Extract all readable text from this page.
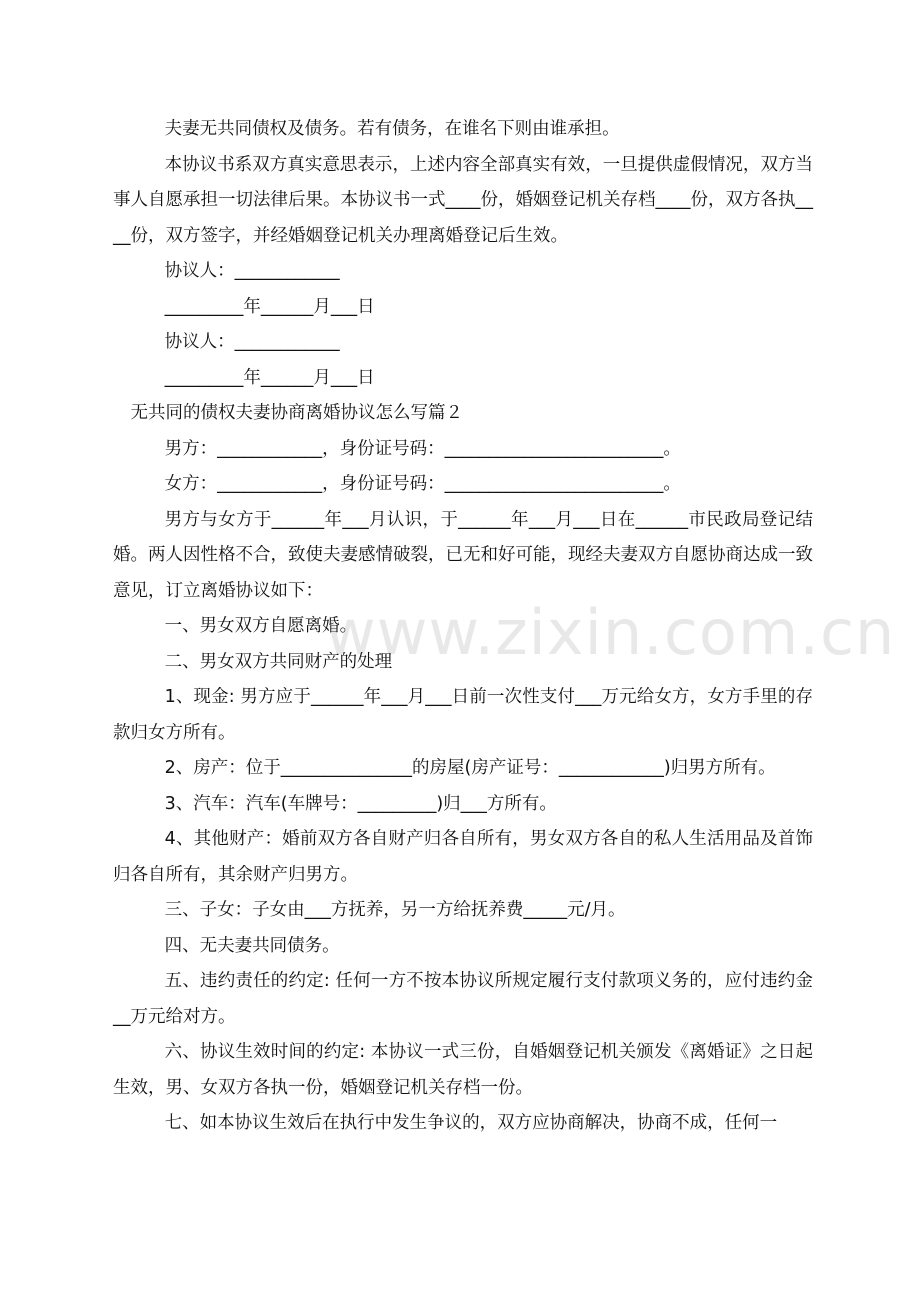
夫妻无共同债权及债务。若有债务，在谁名下则由谁承担。

本协议书系双方真实意思表示，上述内容全部真实有效，一旦提供虚假情况，双方当事人自愿承担一切法律后果。本协议书一式____份，婚姻登记机关存档____份，双方各执____份，双方签字，并经婚姻登记机关办理离婚登记后生效。

协议人：____________

_________年______月___日

协议人：____________

_________年______月___日

无共同的债权夫妻协商离婚协议怎么写篇２

男方：____________，身份证号码：_________________________。

女方：____________，身份证号码：_________________________。

男方与女方于______年___月认识，于______年___月___日在______市民政局登记结婚。两人因性格不合，致使夫妻感情破裂，已无和好可能，现经夫妻双方自愿协商达成一致意见，订立离婚协议如下：

一、男女双方自愿离婚。

二、男女双方共同财产的处理

1、现金: 男方应于______年___月___日前一次性支付___万元给女方，女方手里的存款归女方所有。

2、房产：位于_______________的房屋(房产证号：____________)归男方所有。

3、汽车：汽车(车牌号：_________)归___方所有。

4、其他财产：婚前双方各自财产归各自所有，男女双方各自的私人生活用品及首饰归各自所有，其余财产归男方。

三、子女：子女由___方抚养，另一方给抚养费_____元/月。

四、无夫妻共同债务。

五、违约责任的约定: 任何一方不按本协议所规定履行支付款项义务的，应付违约金__万元给对方。

六、协议生效时间的约定: 本协议一式三份，自婚姻登记机关颁发《离婚证》之日起生效，男、女双方各执一份，婚姻登记机关存档一份。

七、如本协议生效后在执行中发生争议的，双方应协商解决，协商不成，任何一

www.zixin.com.cn
